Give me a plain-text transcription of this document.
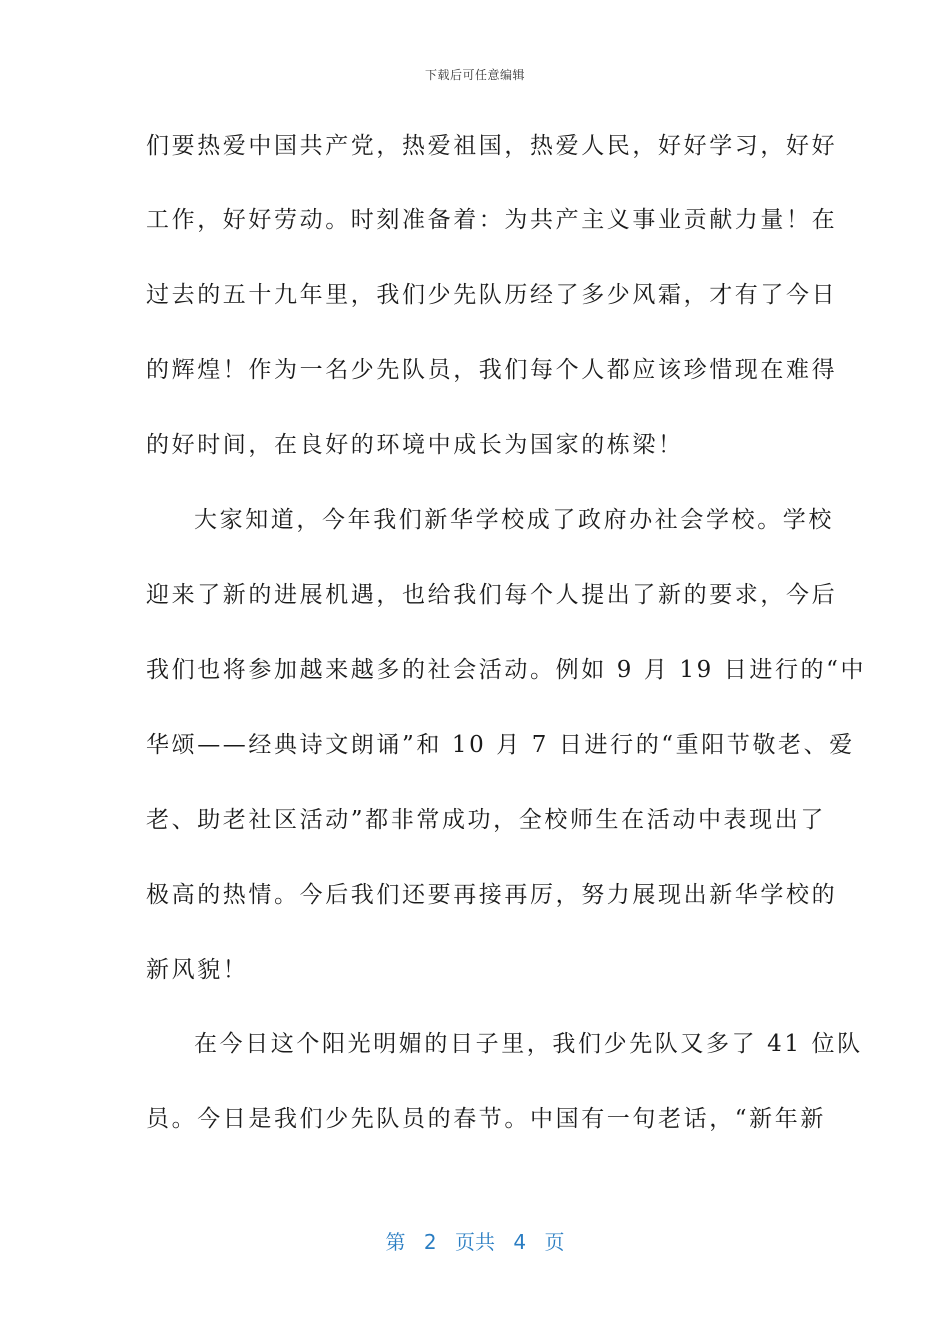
下载后可任意编辑
们要热爱中国共产党，热爱祖国，热爱人民，好好学习，好好
工作，好好劳动。时刻准备着：为共产主义事业贡献力量！在
过去的五十九年里，我们少先队历经了多少风霜，才有了今日
的辉煌！作为一名少先队员，我们每个人都应该珍惜现在难得
的好时间，在良好的环境中成长为国家的栋梁！
大家知道，今年我们新华学校成了政府办社会学校。学校
迎来了新的进展机遇，也给我们每个人提出了新的要求，今后
我们也将参加越来越多的社会活动。例如 9 月 19 日进行的“中
华颂——经典诗文朗诵”和 10 月 7 日进行的“重阳节敬老、爱
老、助老社区活动”都非常成功，全校师生在活动中表现出了
极高的热情。今后我们还要再接再厉，努力展现出新华学校的
新风貌！
在今日这个阳光明媚的日子里，我们少先队又多了 41 位队
员。今日是我们少先队员的春节。中国有一句老话，“新年新
第 2 页共 4 页
